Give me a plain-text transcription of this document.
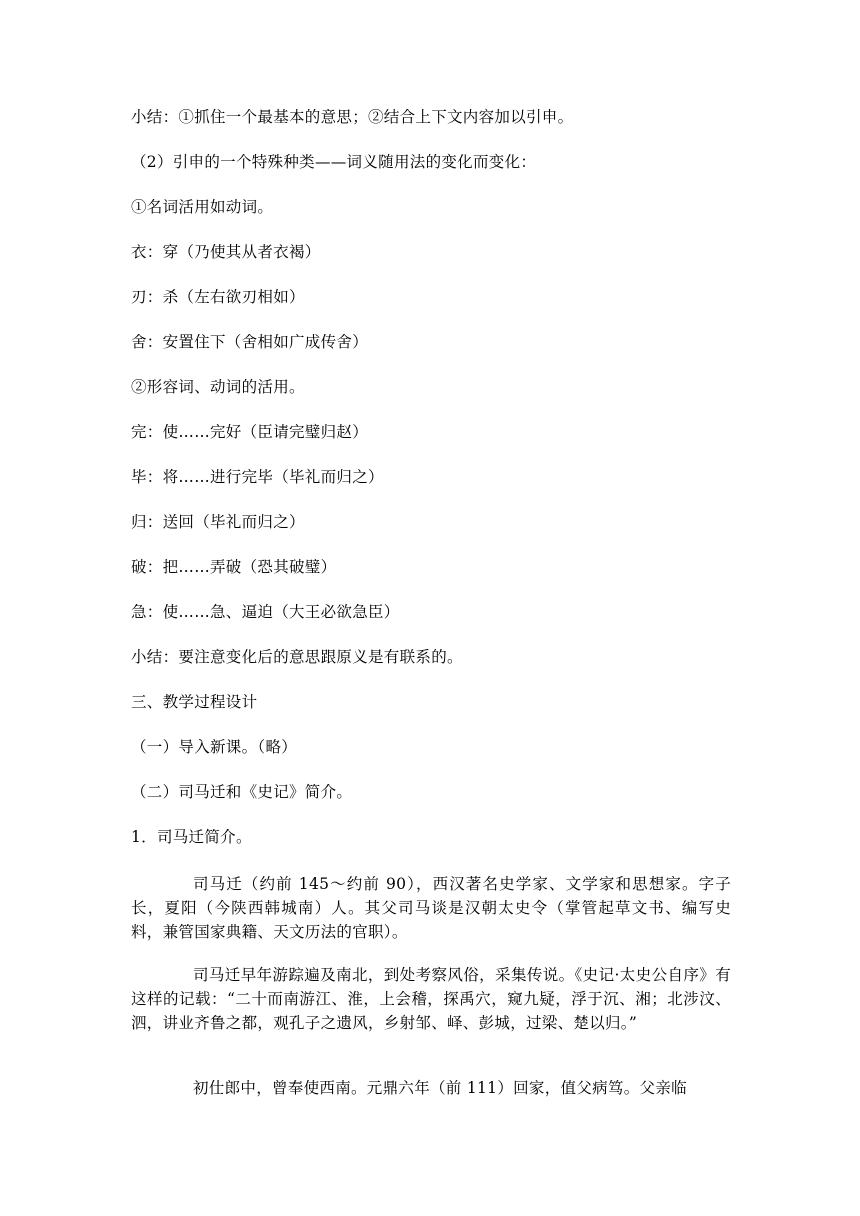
小结：①抓住一个最基本的意思；②结合上下文内容加以引申。
（2）引申的一个特殊种类——词义随用法的变化而变化：
①名词活用如动词。
衣：穿（乃使其从者衣褐）
刃：杀（左右欲刃相如）
舍：安置住下（舍相如广成传舍）
②形容词、动词的活用。
完：使……完好（臣请完璧归赵）
毕：将……进行完毕（毕礼而归之）
归：送回（毕礼而归之）
破：把……弄破（恐其破璧）
急：使……急、逼迫（大王必欲急臣）
小结：要注意变化后的意思跟原义是有联系的。
三、教学过程设计
（一）导入新课。（略）
（二）司马迁和《史记》简介。
1．司马迁简介。
司马迁（约前 145～约前 90），西汉著名史学家、文学家和思想家。字子长，夏阳（今陕西韩城南）人。其父司马谈是汉朝太史令（掌管起草文书、编写史料，兼管国家典籍、天文历法的官职）。
司马迁早年游踪遍及南北，到处考察风俗，采集传说。《史记·太史公自序》有这样的记载：“二十而南游江、淮，上会稽，探禹穴，窥九疑，浮于沉、湘；北涉汶、泗，讲业齐鲁之都，观孔子之遗风，乡射邹、峄、彭城，过梁、楚以归。”
初仕郎中，曾奉使西南。元鼎六年（前 111）回家，值父病笃。父亲临
